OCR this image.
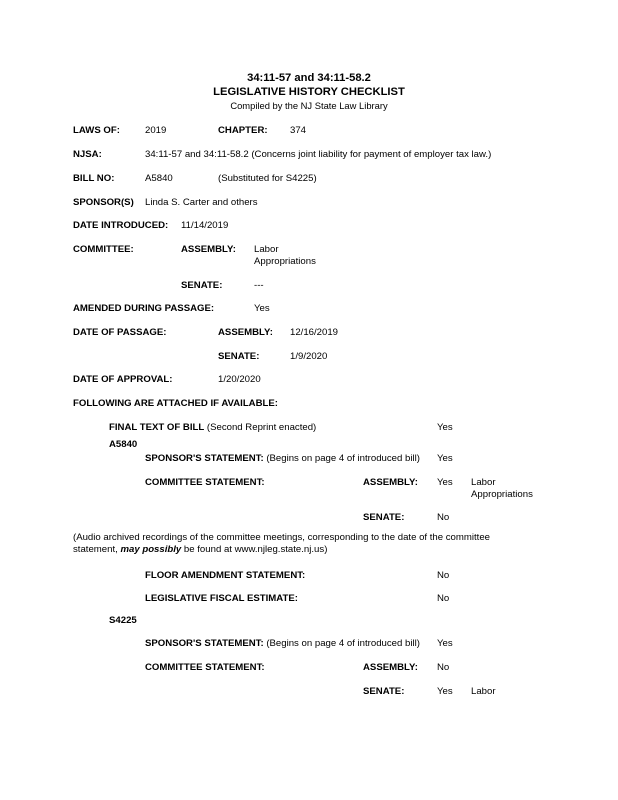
34:11-57 and 34:11-58.2
LEGISLATIVE HISTORY CHECKLIST
Compiled by the NJ State Law Library
LAWS OF:	2019	CHAPTER: 374
NJSA:	34:11-57 and 34:11-58.2 (Concerns joint liability for payment of employer tax law.)
BILL NO:	A5840	(Substituted for S4225)
SPONSOR(S) Linda S. Carter and others
DATE INTRODUCED: 11/14/2019
COMMITTEE:	ASSEMBLY: Labor
Appropriations
SENATE:	---
AMENDED DURING PASSAGE:	Yes
DATE OF PASSAGE:	ASSEMBLY: 12/16/2019
SENATE:	1/9/2020
DATE OF APPROVAL:	1/20/2020
FOLLOWING ARE ATTACHED IF AVAILABLE:
FINAL TEXT OF BILL (Second Reprint enacted)	Yes
A5840
SPONSOR'S STATEMENT: (Begins on page 4 of introduced bill) Yes
COMMITTEE STATEMENT:	ASSEMBLY: Yes Labor
Appropriations
SENATE:	No
(Audio archived recordings of the committee meetings, corresponding to the date of the committee statement, may possibly be found at www.njleg.state.nj.us)
FLOOR AMENDMENT STATEMENT:	No
LEGISLATIVE FISCAL ESTIMATE:	No
S4225
SPONSOR'S STATEMENT: (Begins on page 4 of introduced bill) Yes
COMMITTEE STATEMENT:	ASSEMBLY: No
SENATE:	Yes Labor
